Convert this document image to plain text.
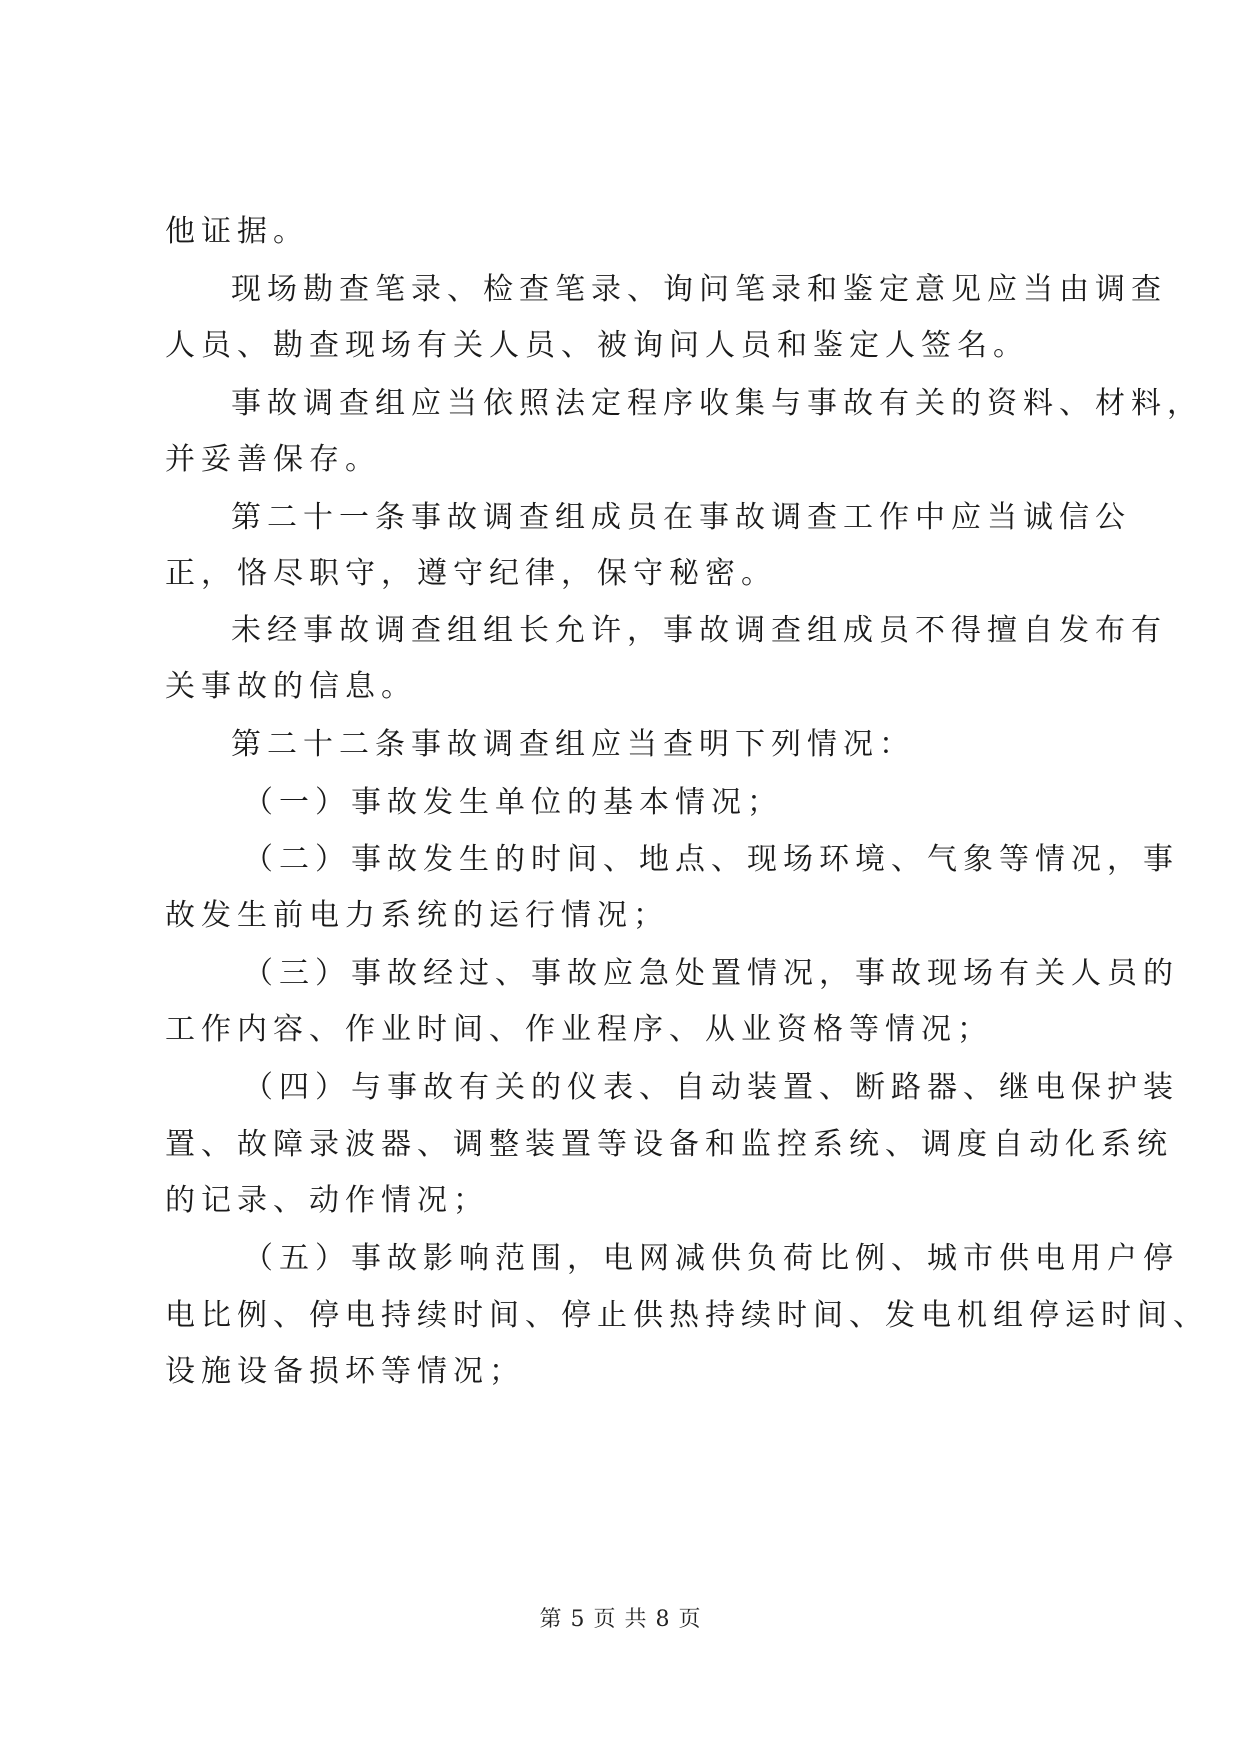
他证据。
现场勘查笔录、检查笔录、询问笔录和鉴定意见应当由调查
人员、勘查现场有关人员、被询问人员和鉴定人签名。
事故调查组应当依照法定程序收集与事故有关的资料、材料，
并妥善保存。
第二十一条事故调查组成员在事故调查工作中应当诚信公
正，恪尽职守，遵守纪律，保守秘密。
未经事故调查组组长允许，事故调查组成员不得擅自发布有
关事故的信息。
第二十二条事故调查组应当查明下列情况：
（一）事故发生单位的基本情况；
（二）事故发生的时间、地点、现场环境、气象等情况，事
故发生前电力系统的运行情况；
（三）事故经过、事故应急处置情况，事故现场有关人员的
工作内容、作业时间、作业程序、从业资格等情况；
（四）与事故有关的仪表、自动装置、断路器、继电保护装
置、故障录波器、调整装置等设备和监控系统、调度自动化系统
的记录、动作情况；
（五）事故影响范围，电网减供负荷比例、城市供电用户停
电比例、停电持续时间、停止供热持续时间、发电机组停运时间、
设施设备损坏等情况；
第 5 页 共 8 页
